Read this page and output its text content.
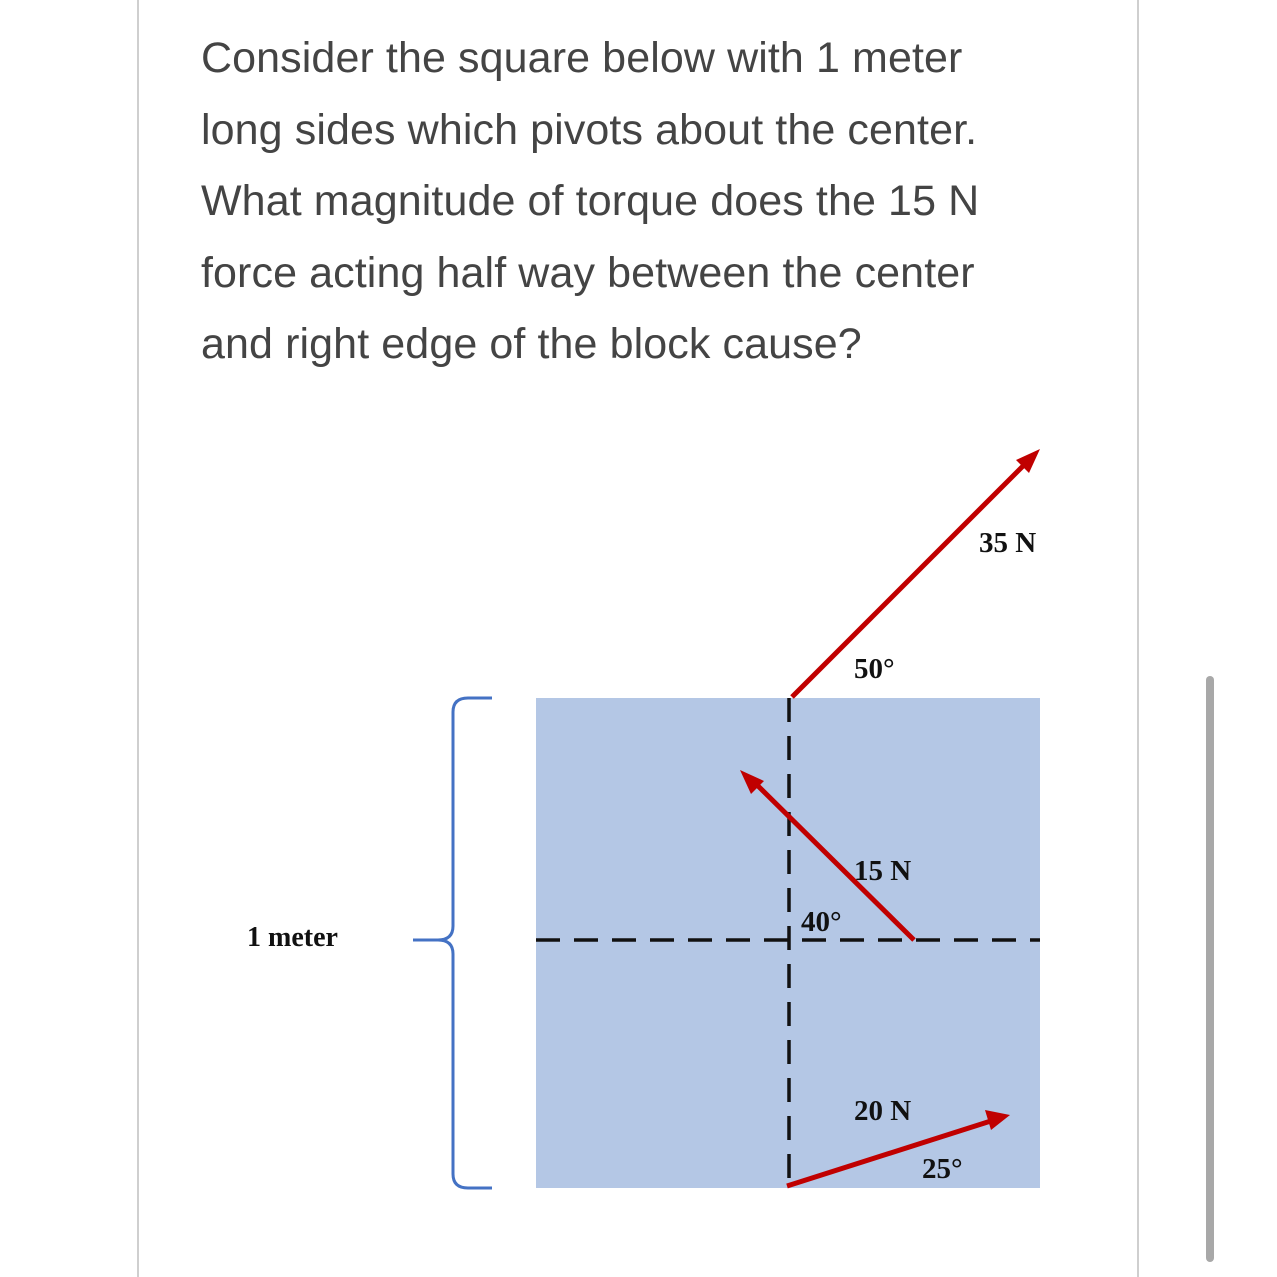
Consider the square below with 1 meter
long sides which pivots about the center.
What magnitude of torque does the 15 N
force acting half way between the center
and right edge of the block cause?
1 meter
35 N
50°
15 N
40°
20 N
25°
